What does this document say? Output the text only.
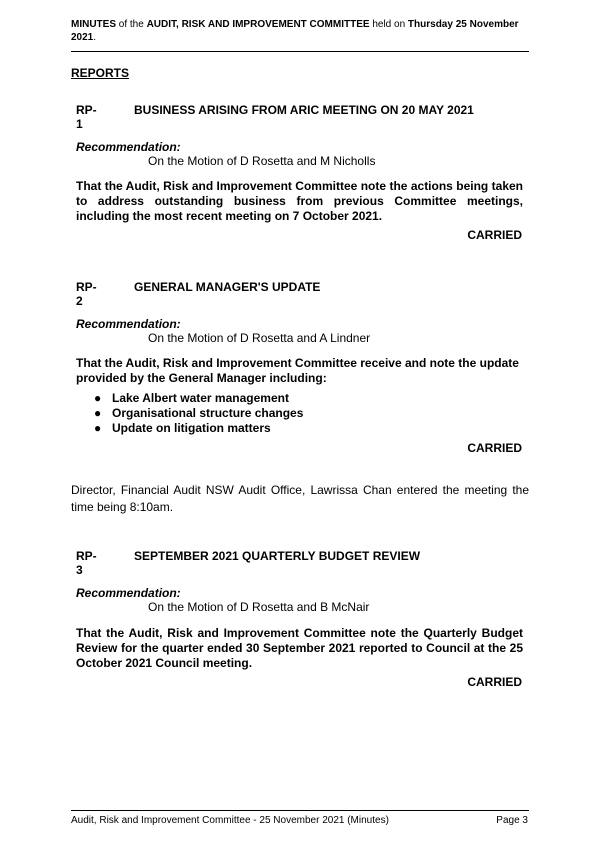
MINUTES of the AUDIT, RISK AND IMPROVEMENT COMMITTEE held on Thursday 25 November 2021.
REPORTS
RP-1
BUSINESS ARISING FROM ARIC MEETING ON 20 MAY 2021
Recommendation:
On the Motion of D Rosetta and M Nicholls
That the Audit, Risk and Improvement Committee note the actions being taken to address outstanding business from previous Committee meetings, including the most recent meeting on 7 October 2021.
CARRIED
RP-2
GENERAL MANAGER'S UPDATE
Recommendation:
On the Motion of D Rosetta and A Lindner
That the Audit, Risk and Improvement Committee receive and note the update provided by the General Manager including:
● Lake Albert water management
● Organisational structure changes
● Update on litigation matters
CARRIED
Director, Financial Audit NSW Audit Office, Lawrissa Chan entered the meeting the time being 8:10am.
RP-3
SEPTEMBER 2021 QUARTERLY BUDGET REVIEW
Recommendation:
On the Motion of D Rosetta and B McNair
That the Audit, Risk and Improvement Committee note the Quarterly Budget Review for the quarter ended 30 September 2021 reported to Council at the 25 October 2021 Council meeting.
CARRIED
Audit, Risk and Improvement Committee - 25 November 2021 (Minutes)	Page 3
